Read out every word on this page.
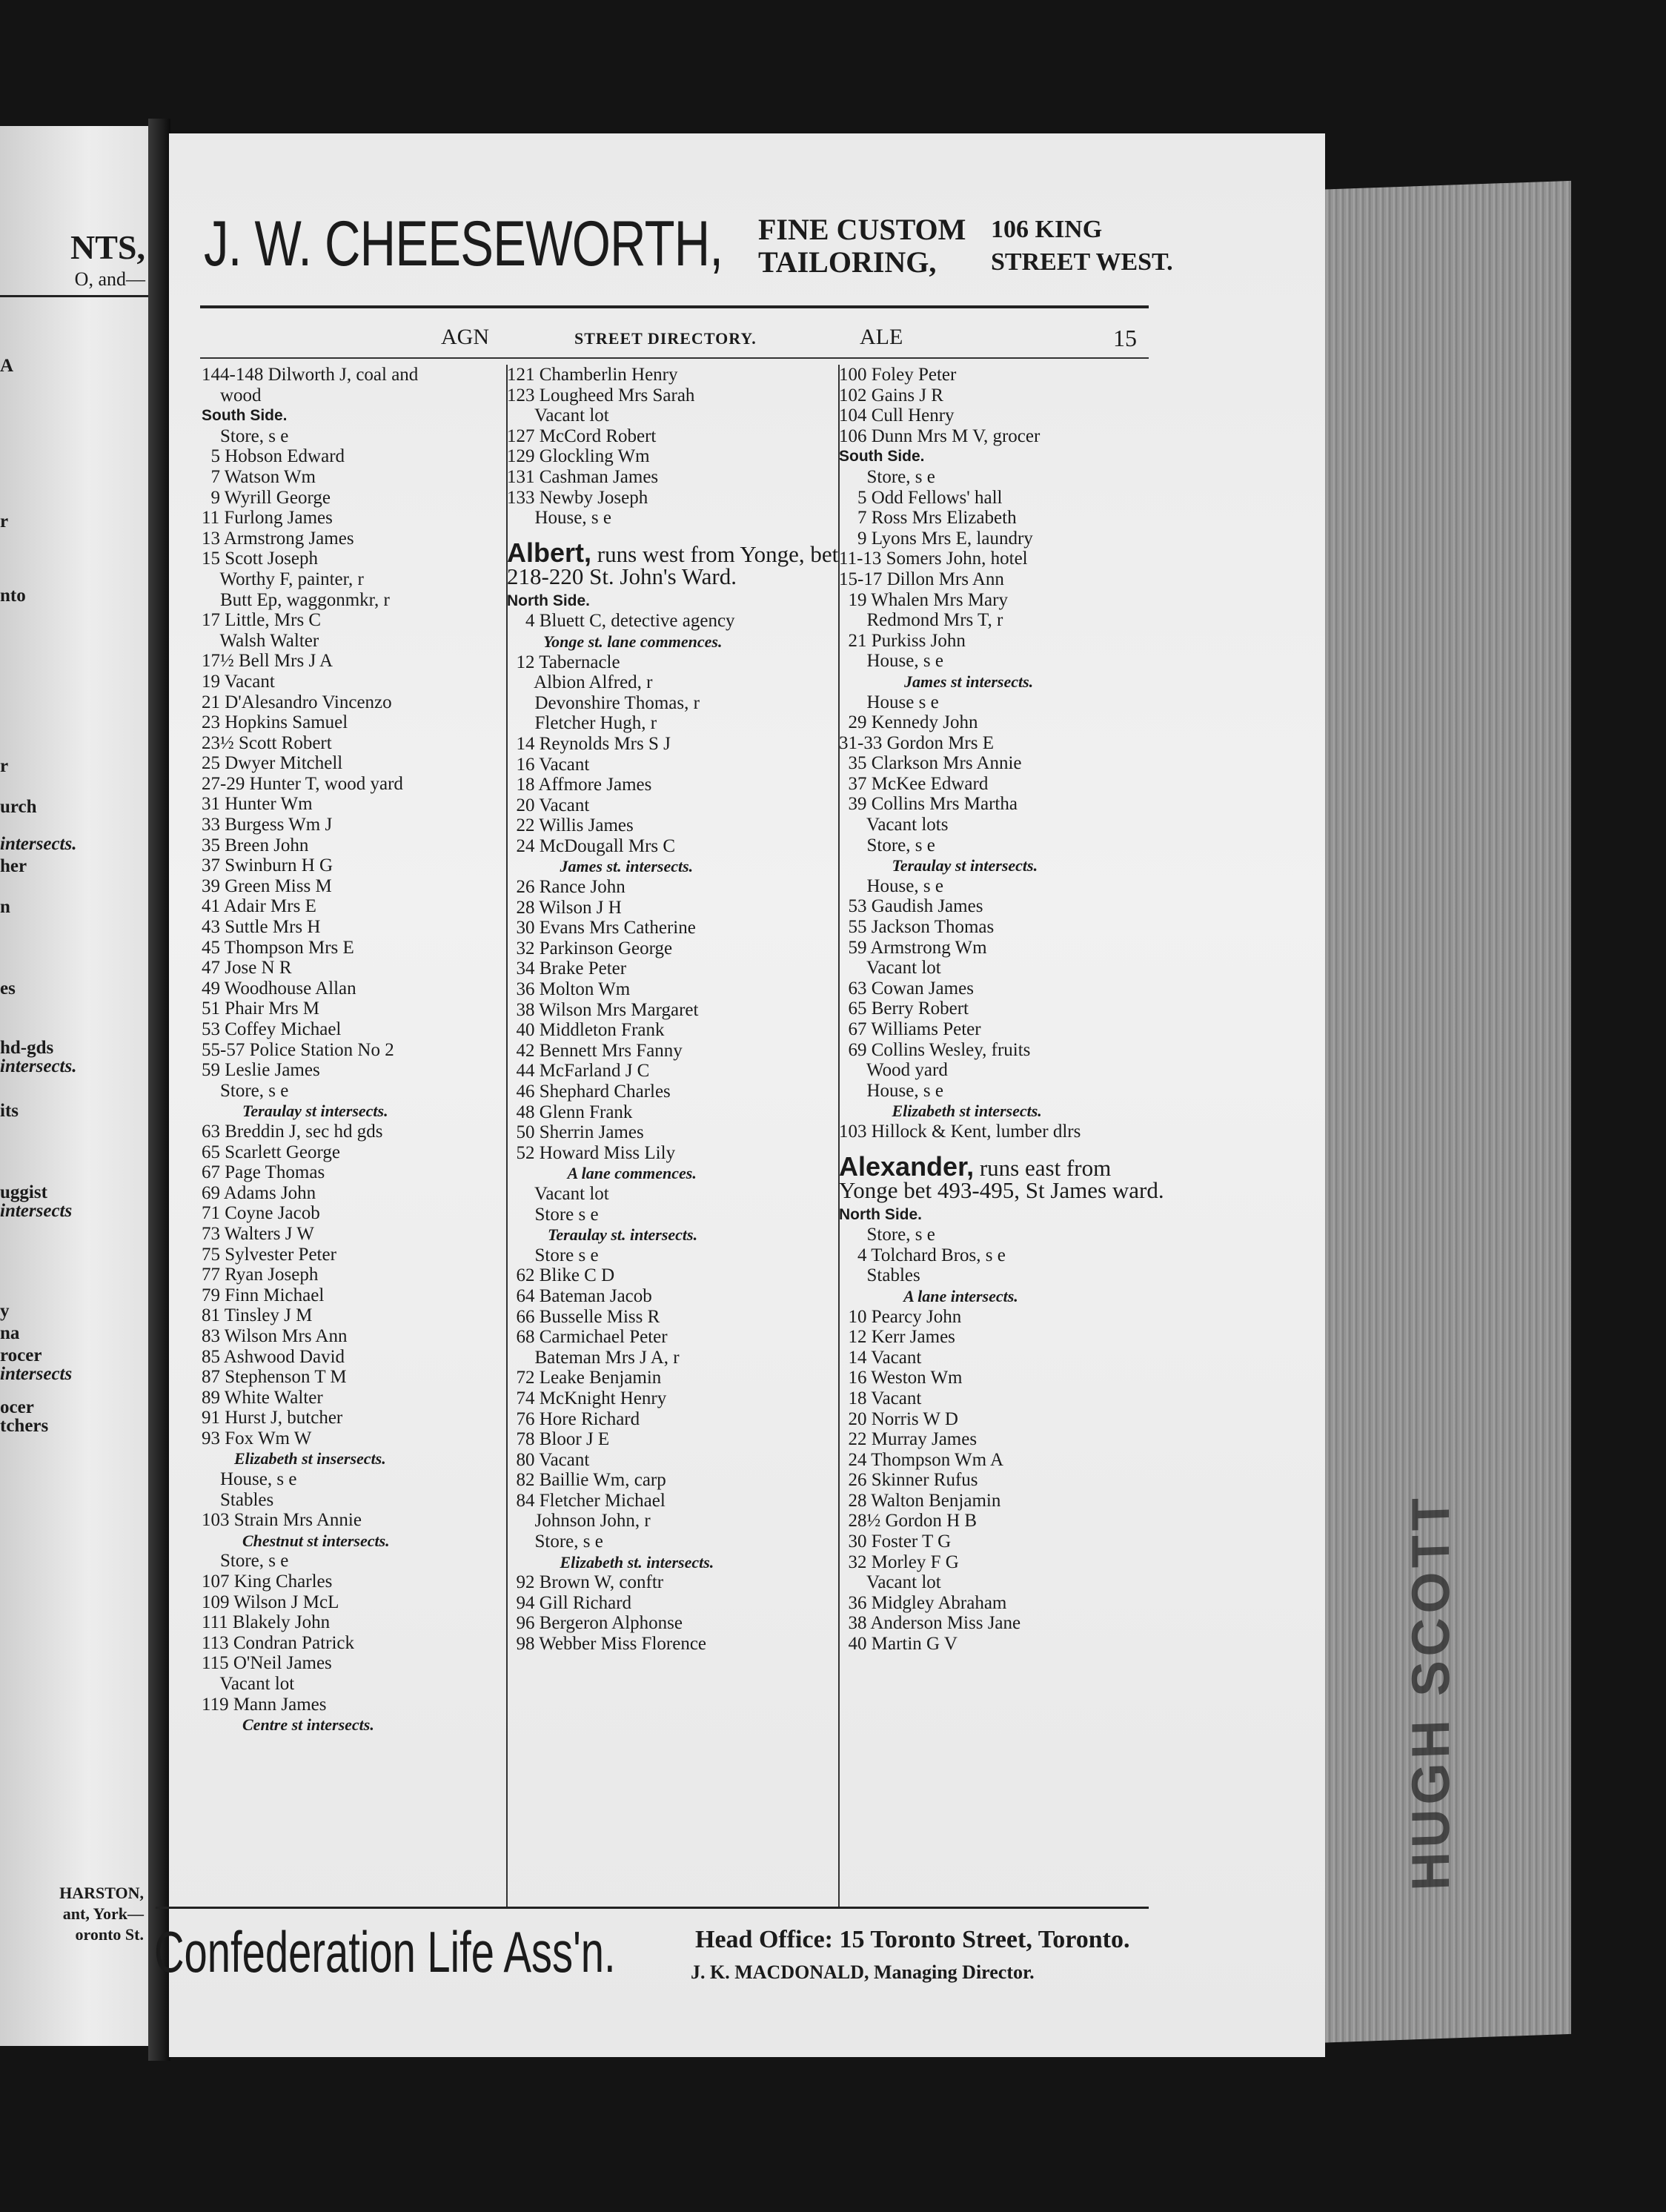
NTS,
O, and—
A
r
nto
r
urch
intersects.
her
n
es
hd-gds
intersects.
its
uggist
intersects
y
na
rocer
intersects
ocer
tchers
HARSTON,
ant, York—
oronto St.
HUGH SCOTT
J. W. CHEESEWORTH, FINE CUSTOM
TAILORING,
106 KING
STREET WEST.
AGN	STREET DIRECTORY.	ALE	15
144-148 Dilworth J, coal and
wood
South Side.
Store, s e
5 Hobson Edward
7 Watson Wm
9 Wyrill George
11 Furlong James
13 Armstrong James
15 Scott Joseph
Worthy F, painter, r
Butt Ep, waggonmkr, r
17 Little, Mrs C
Walsh Walter
17½ Bell Mrs J A
19 Vacant
21 D'Alesandro Vincenzo
23 Hopkins Samuel
23½ Scott Robert
25 Dwyer Mitchell
27-29 Hunter T, wood yard
31 Hunter Wm
33 Burgess Wm J
35 Breen John
37 Swinburn H G
39 Green Miss M
41 Adair Mrs E
43 Suttle Mrs H
45 Thompson Mrs E
47 Jose N R
49 Woodhouse Allan
51 Phair Mrs M
53 Coffey Michael
55-57 Police Station No 2
59 Leslie James
Store, s e
Teraulay st intersects.
63 Breddin J, sec hd gds
65 Scarlett George
67 Page Thomas
69 Adams John
71 Coyne Jacob
73 Walters J W
75 Sylvester Peter
77 Ryan Joseph
79 Finn Michael
81 Tinsley J M
83 Wilson Mrs Ann
85 Ashwood David
87 Stephenson T M
89 White Walter
91 Hurst J, butcher
93 Fox Wm W
Elizabeth st insersects.
House, s e
Stables
103 Strain Mrs Annie
Chestnut st intersects.
Store, s e
107 King Charles
109 Wilson J McL
111 Blakely John
113 Condran Patrick
115 O'Neil James
Vacant lot
119 Mann James
Centre st intersects.
121 Chamberlin Henry
123 Lougheed Mrs Sarah
Vacant lot
127 McCord Robert
129 Glockling Wm
131 Cashman James
133 Newby Joseph
House, s e
Albert, runs west from Yonge, bet 218-220 St. John's Ward.
North Side.
4 Bluett C, detective agency
Yonge st. lane commences.
12 Tabernacle
Albion Alfred, r
Devonshire Thomas, r
Fletcher Hugh, r
14 Reynolds Mrs S J
16 Vacant
18 Affmore James
20 Vacant
22 Willis James
24 McDougall Mrs C
James st. intersects.
26 Rance John
28 Wilson J H
30 Evans Mrs Catherine
32 Parkinson George
34 Brake Peter
36 Molton Wm
38 Wilson Mrs Margaret
40 Middleton Frank
42 Bennett Mrs Fanny
44 McFarland J C
46 Shephard Charles
48 Glenn Frank
50 Sherrin James
52 Howard Miss Lily
A lane commences.
Vacant lot
Store s e
Teraulay st. intersects.
Store s e
62 Blike C D
64 Bateman Jacob
66 Busselle Miss R
68 Carmichael Peter
Bateman Mrs J A, r
72 Leake Benjamin
74 McKnight Henry
76 Hore Richard
78 Bloor J E
80 Vacant
82 Baillie Wm, carp
84 Fletcher Michael
Johnson John, r
Store, s e
Elizabeth st. intersects.
92 Brown W, conftr
94 Gill Richard
96 Bergeron Alphonse
98 Webber Miss Florence
100 Foley Peter
102 Gains J R
104 Cull Henry
106 Dunn Mrs M V, grocer
South Side.
Store, s e
5 Odd Fellows' hall
7 Ross Mrs Elizabeth
9 Lyons Mrs E, laundry
11-13 Somers John, hotel
15-17 Dillon Mrs Ann
19 Whalen Mrs Mary
Redmond Mrs T, r
21 Purkiss John
House, s e
James st intersects.
House s e
29 Kennedy John
31-33 Gordon Mrs E
35 Clarkson Mrs Annie
37 McKee Edward
39 Collins Mrs Martha
Vacant lots
Store, s e
Teraulay st intersects.
House, s e
53 Gaudish James
55 Jackson Thomas
59 Armstrong Wm
Vacant lot
63 Cowan James
65 Berry Robert
67 Williams Peter
69 Collins Wesley, fruits
Wood yard
House, s e
Elizabeth st intersects.
103 Hillock & Kent, lumber dlrs
Alexander, runs east from Yonge bet 493-495, St James ward.
North Side.
Store, s e
4 Tolchard Bros, s e
Stables
A lane intersects.
10 Pearcy John
12 Kerr James
14 Vacant
16 Weston Wm
18 Vacant
20 Norris W D
22 Murray James
24 Thompson Wm A
26 Skinner Rufus
28 Walton Benjamin
28½ Gordon H B
30 Foster T G
32 Morley F G
Vacant lot
36 Midgley Abraham
38 Anderson Miss Jane
40 Martin G V
Confederation Life Ass'n.	Head Office: 15 Toronto Street, Toronto.
J. K. MACDONALD, Managing Director.
